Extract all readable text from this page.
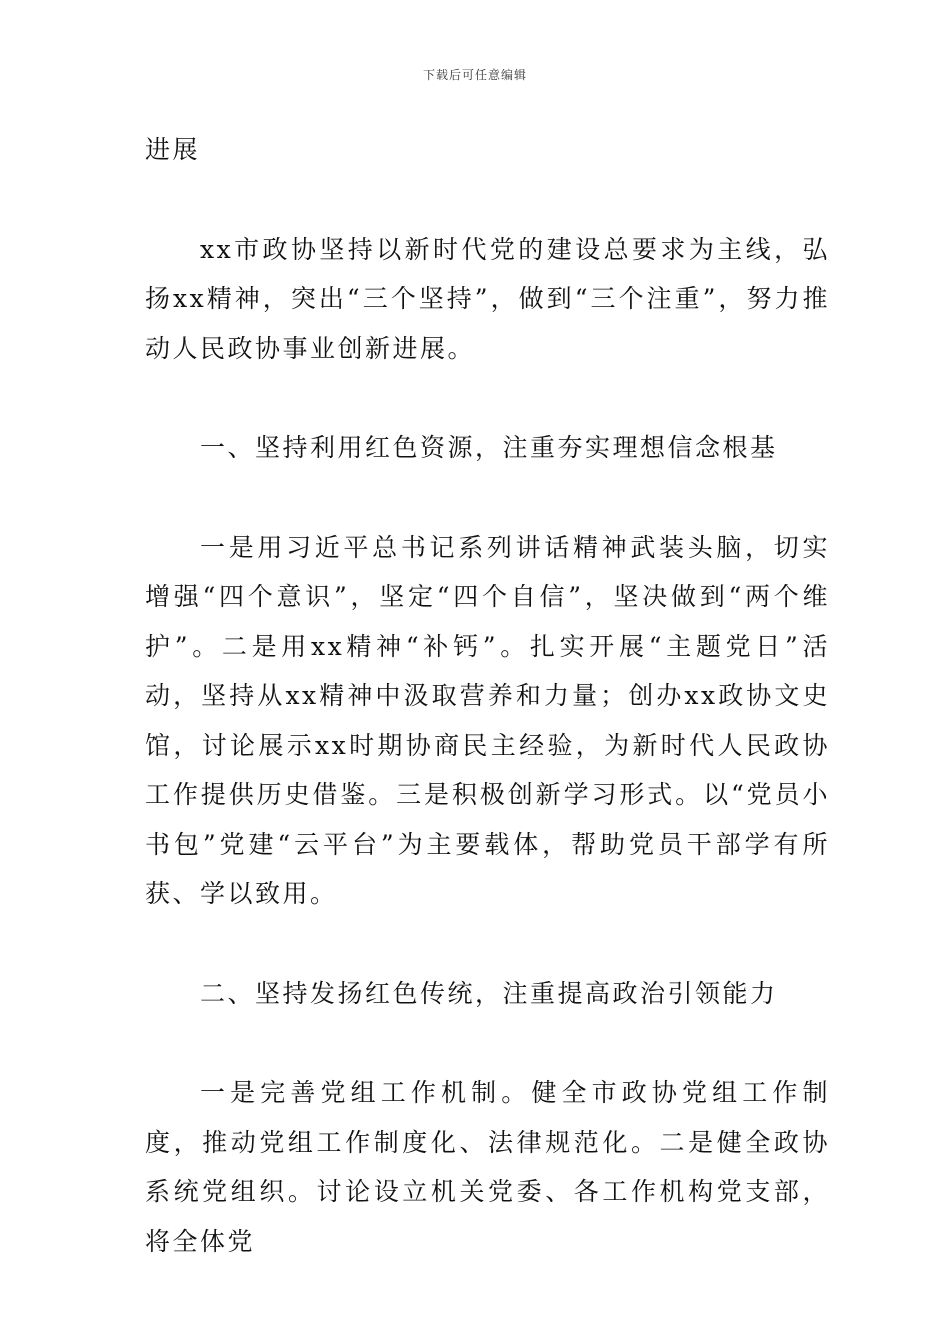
下载后可任意编辑

进展

xx市政协坚持以新时代党的建设总要求为主线，弘扬xx精神，突出“三个坚持”，做到“三个注重”，努力推动人民政协事业创新进展。

一、坚持利用红色资源，注重夯实理想信念根基

一是用习近平总书记系列讲话精神武装头脑，切实增强“四个意识”，坚定“四个自信”，坚决做到“两个维护”。二是用xx精神“补钙”。扎实开展“主题党日”活动，坚持从xx精神中汲取营养和力量；创办xx政协文史馆，讨论展示xx时期协商民主经验，为新时代人民政协工作提供历史借鉴。三是积极创新学习形式。以“党员小书包”党建“云平台”为主要载体，帮助党员干部学有所获、学以致用。

二、坚持发扬红色传统，注重提高政治引领能力

一是完善党组工作机制。健全市政协党组工作制度，推动党组工作制度化、法律规范化。二是健全政协系统党组织。讨论设立机关党委、各工作机构党支部，将全体党
